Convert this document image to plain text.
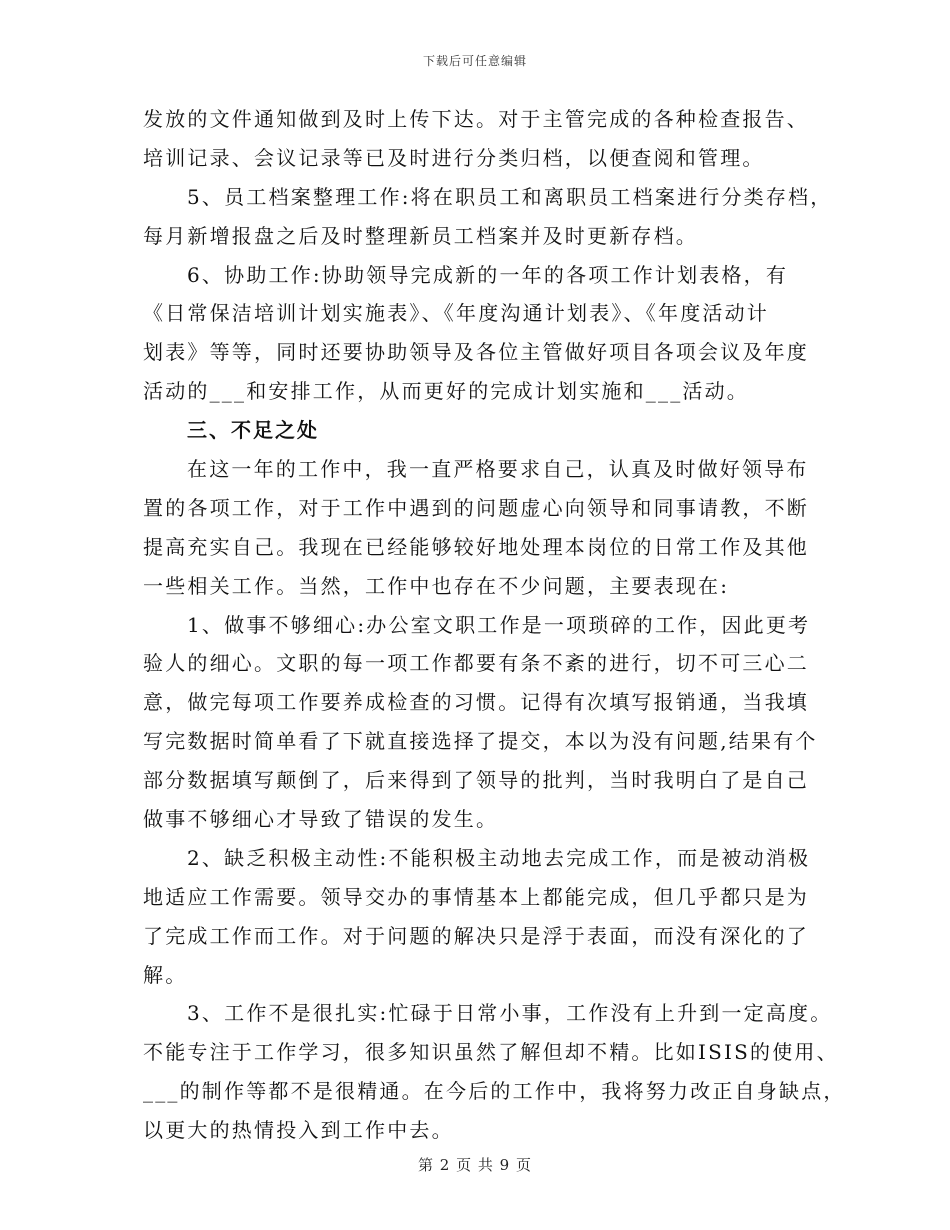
下载后可任意编辑
发放的文件通知做到及时上传下达。对于主管完成的各种检查报告、
培训记录、会议记录等已及时进行分类归档，以便查阅和管理。
5、员工档案整理工作:将在职员工和离职员工档案进行分类存档，
每月新增报盘之后及时整理新员工档案并及时更新存档。
6、协助工作:协助领导完成新的一年的各项工作计划表格，有
《日常保洁培训计划实施表》、《年度沟通计划表》、《年度活动计
划表》等等，同时还要协助领导及各位主管做好项目各项会议及年度
活动的___和安排工作，从而更好的完成计划实施和___活动。
三、不足之处
在这一年的工作中，我一直严格要求自己，认真及时做好领导布
置的各项工作，对于工作中遇到的问题虚心向领导和同事请教，不断
提高充实自己。我现在已经能够较好地处理本岗位的日常工作及其他
一些相关工作。当然，工作中也存在不少问题，主要表现在:
1、做事不够细心:办公室文职工作是一项琐碎的工作，因此更考
验人的细心。文职的每一项工作都要有条不紊的进行，切不可三心二
意，做完每项工作要养成检查的习惯。记得有次填写报销通，当我填
写完数据时简单看了下就直接选择了提交，本以为没有问题,结果有个
部分数据填写颠倒了，后来得到了领导的批判，当时我明白了是自己
做事不够细心才导致了错误的发生。
2、缺乏积极主动性:不能积极主动地去完成工作，而是被动消极
地适应工作需要。领导交办的事情基本上都能完成，但几乎都只是为
了完成工作而工作。对于问题的解决只是浮于表面，而没有深化的了
解。
3、工作不是很扎实:忙碌于日常小事，工作没有上升到一定高度。
不能专注于工作学习，很多知识虽然了解但却不精。比如ISIS的使用、
___的制作等都不是很精通。在今后的工作中，我将努力改正自身缺点，
以更大的热情投入到工作中去。
第 2 页 共 9 页
